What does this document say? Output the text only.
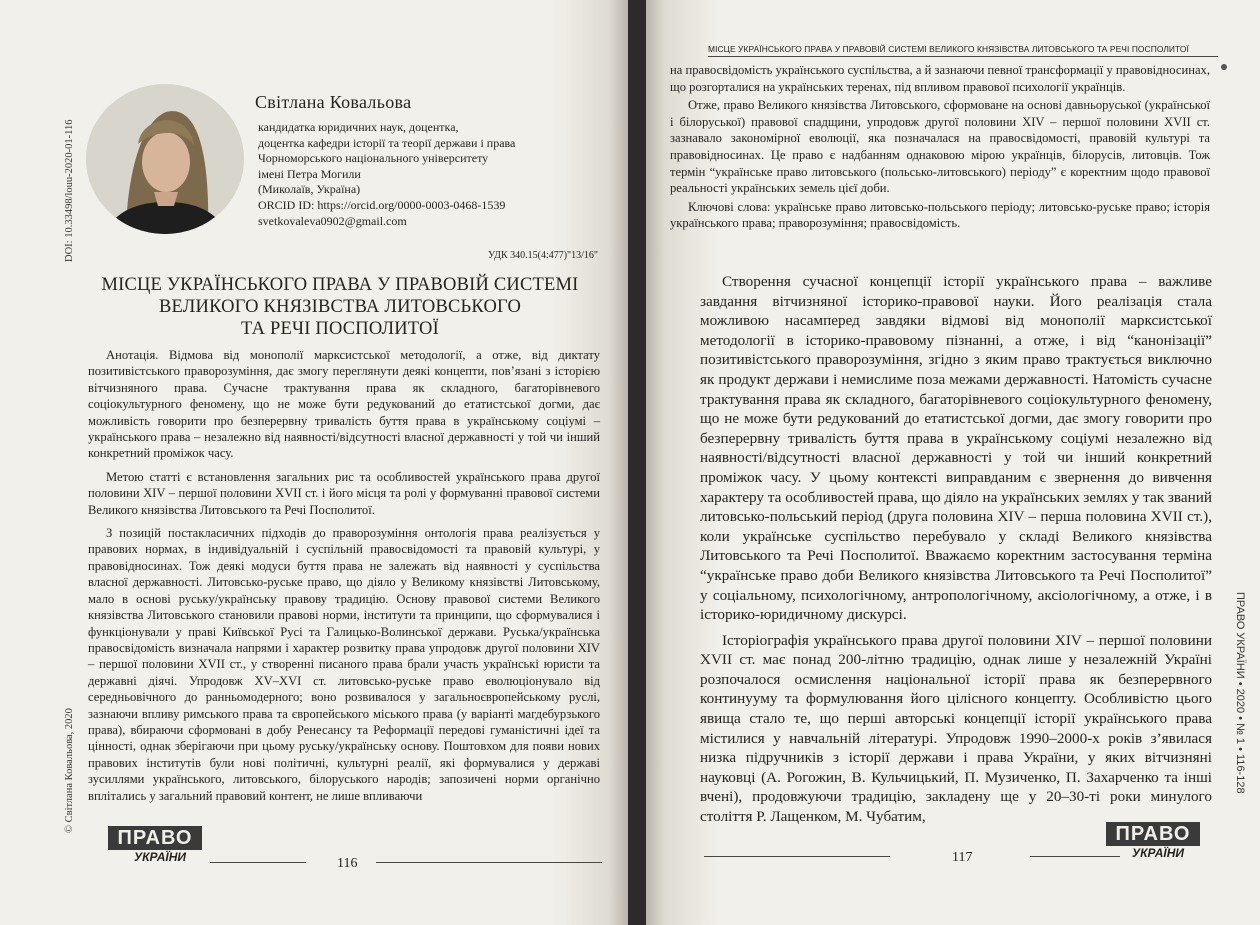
DOI: 10.33498/louu-2020-01-116
© Світлана Ковальова, 2020
Світлана Ковальова
кандидатка юридичних наук, доцентка,
доцентка кафедри історії та теорії держави і права
Чорноморського національного університету
імені Петра Могили
(Миколаїв, Україна)
ORCID ID: https://orcid.org/0000-0003-0468-1539
svetkovaleva0902@gmail.com
УДК 340.15(4:477)"13/16"
МІСЦЕ УКРАЇНСЬКОГО ПРАВА У ПРАВОВІЙ СИСТЕМІ
ВЕЛИКОГО КНЯЗІВСТВА ЛИТОВСЬКОГО
ТА РЕЧІ ПОСПОЛИТОЇ

Анотація. Відмова від монополії марксистської методології, а отже, від диктату позитивістського праворозуміння, дає змогу переглянути деякі концепти, пов’язані з історією вітчизняного права. Сучасне трактування права як складного, багаторівневого соціокультурного феномену, що не може бути редукований до етатистської догми, дає можливість говорити про безперервну тривалість буття права в українському соціумі – українського права – незалежно від наявності/відсутності власної державності у той чи інший конкретний проміжок часу.

Метою статті є встановлення загальних рис та особливостей українського права другої половини XIV – першої половини XVII ст. і його місця та ролі у формуванні правової системи Великого князівства Литовського та Речі Посполитої.

З позицій постакласичних підходів до праворозуміння онтологія права реалізується у правових нормах, в індивідуальній і суспільній правосвідомості та правовій культурі, у правовідносинах. Тож деякі модуси буття права не залежать від наявності у суспільства власної державності. Литовсько-руське право, що діяло у Великому князівстві Литовському, мало в основі руську/українську правову традицію. Основу правової системи Великого князівства Литовського становили правові норми, інститути та принципи, що сформувалися і функціонували у праві Київської Русі та Галицько-Волинської держави. Руська/українська правосвідомість визначала напрями і характер розвитку права упродовж другої половини XIV – першої половини XVII ст., у створенні писаного права брали участь українські юристи та державні діячі. Упродовж XV–XVI ст. литовсько-руське право еволюціонувало від середньовічного до ранньомодерного; воно розвивалося у загальноєвропейському руслі, зазнаючи впливу римського права та європейського міського права (у варіанті магдебурзького права), вбираючи сформовані в добу Ренесансу та Реформації передові гуманістичні ідеї та цінності, однак зберігаючи при цьому руську/українську основу. Поштовхом для появи нових правових інститутів були нові політичні, культурні реалії, які формувалися у державі зусиллями українського, литовського, білоруського народів; запозичені норми органічно вплітались у загальний правовий контент, не лише впливаючи

ПРАВО
УКРАЇНИ	116
МІСЦЕ УКРАЇНСЬКОГО ПРАВА У ПРАВОВІЙ СИСТЕМІ ВЕЛИКОГО КНЯЗІВСТВА ЛИТОВСЬКОГО ТА РЕЧІ ПОСПОЛИТОЇ

на правосвідомість українського суспільства, а й зазнаючи певної трансформації у правовідносинах, що розгорталися на українських теренах, під впливом правової психології українців.

Отже, право Великого князівства Литовського, сформоване на основі давньоруської (української і білоруської) правової спадщини, упродовж другої половини XIV – першої половини XVII ст. зазнавало закономірної еволюції, яка позначалася на правосвідомості, правовій культурі та правовідносинах. Це право є надбанням однаковою мірою українців, білорусів, литовців. Тож термін “українське право литовського (польсько-литовського) періоду” є коректним щодо правової реальності українських земель цієї доби.

Ключові слова: українське право литовсько-польського періоду; литовсько-руське право; історія українського права; праворозуміння; правосвідомість.

Створення сучасної концепції історії українського права – важливе завдання вітчизняної історико-правової науки. Його реалізація стала можливою насамперед завдяки відмові від монополії марксистської методології в історико-правовому пізнанні, а отже, і від “канонізації” позитивістського праворозуміння, згідно з яким право трактується виключно як продукт держави і немислиме поза межами державності. Натомість сучасне трактування права як складного, багаторівневого соціокультурного феномену, що не може бути редукований до етатистської догми, дає змогу говорити про безперервну тривалість буття права в українському соціумі незалежно від наявності/відсутності власної державності у той чи інший конкретний проміжок часу. У цьому контексті виправданим є звернення до вивчення характеру та особливостей права, що діяло на українських землях у так званий литовсько-польський період (друга половина XIV – перша половина XVII ст.), коли українське суспільство перебувало у складі Великого князівства Литовського та Речі Посполитої. Вважаємо коректним застосування терміна “українське право доби Великого князівства Литовського та Речі Посполитої” у соціальному, психологічному, антропологічному, аксіологічному, а отже, і в історико-юридичному дискурсі.

Історіографія українського права другої половини XIV – першої половини XVII ст. має понад 200-літню традицію, однак лише у незалежній Україні розпочалося осмислення національної історії права як безперервного континууму та формулювання його цілісного концепту. Особливістю цього явища стало те, що перші авторські концепції історії українського права містилися у навчальній літературі. Упродовж 1990–2000-х років з’явилася низка підручників з історії держави і права України, у яких вітчизняні науковці (А. Рогожин, В. Кульчицький, П. Музиченко, П. Захарченко та інші вчені), продовжуючи традицію, закладену ще у 20–30-ті роки минулого століття Р. Лащенком, М. Чубатим,

ПРАВО УКРАЇНИ • 2020 • № 1 • 116-128
117
ПРАВО
УКРАЇНИ
